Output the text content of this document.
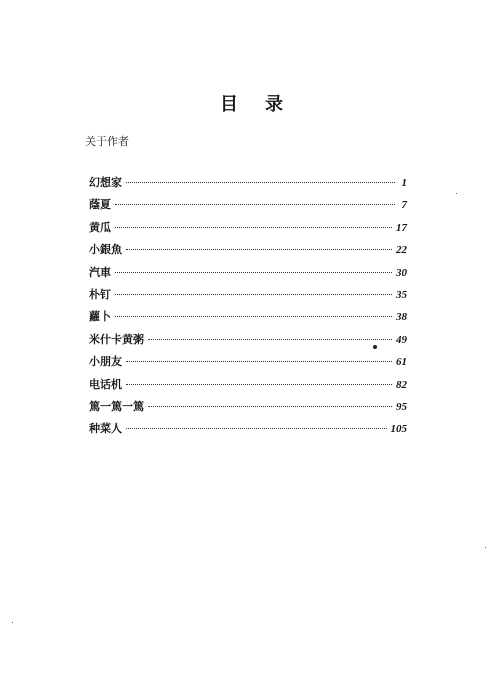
目 录
关于作者
幻想家	1
蔭夏	7
黄瓜	17
小銀魚	22
汽車	30
朴钉	35
蘿卜	38
米什卡黄粥	49
小朋友	61
电话机	82
篤一篤一篤	95
种菜人	105
